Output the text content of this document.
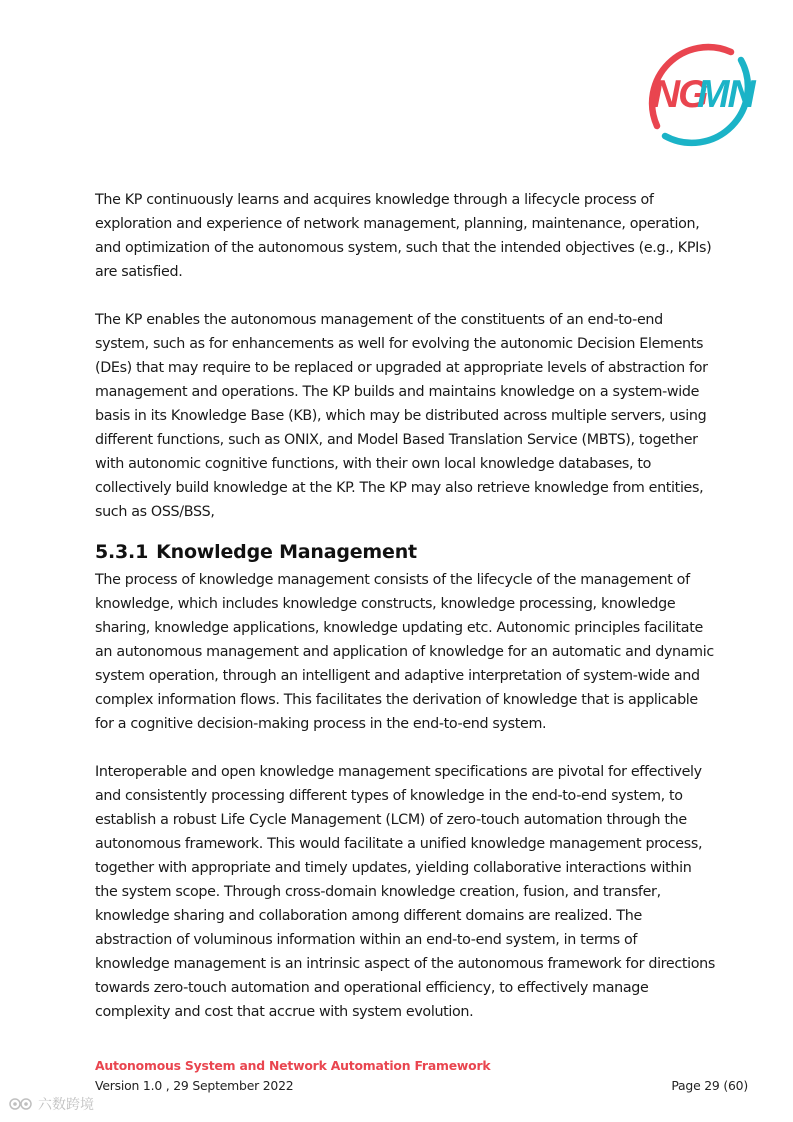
NG
MN

The KP continuously learns and acquires knowledge through a lifecycle process of exploration and experience of network management, planning, maintenance, operation, and optimization of the autonomous system, such that the intended objectives (e.g., KPIs) are satisfied.

The KP enables the autonomous management of the constituents of an end-to-end system, such as for enhancements as well for evolving the autonomic Decision Elements (DEs) that may require to be replaced or upgraded at appropriate levels of abstraction for management and operations. The KP builds and maintains knowledge on a system-wide basis in its Knowledge Base (KB), which may be distributed across multiple servers, using different functions, such as ONIX, and Model Based Translation Service (MBTS), together with autonomic cognitive functions, with their own local knowledge databases, to collectively build knowledge at the KP. The KP may also retrieve knowledge from entities, such as OSS/BSS,

5.3.1 Knowledge Management

The process of knowledge management consists of the lifecycle of the management of knowledge, which includes knowledge constructs, knowledge processing, knowledge sharing, knowledge applications, knowledge updating etc. Autonomic principles facilitate an autonomous management and application of knowledge for an automatic and dynamic system operation, through an intelligent and adaptive interpretation of system-wide and complex information flows. This facilitates the derivation of knowledge that is applicable for a cognitive decision-making process in the end-to-end system.

Interoperable and open knowledge management specifications are pivotal for effectively and consistently processing different types of knowledge in the end-to-end system, to establish a robust Life Cycle Management (LCM) of zero-touch automation through the autonomous framework. This would facilitate a unified knowledge management process, together with appropriate and timely updates, yielding collaborative interactions within the system scope. Through cross-domain knowledge creation, fusion, and transfer, knowledge sharing and collaboration among different domains are realized. The abstraction of voluminous information within an end-to-end system, in terms of knowledge management is an intrinsic aspect of the autonomous framework for directions towards zero-touch automation and operational efficiency, to effectively manage complexity and cost that accrue with system evolution.

Autonomous System and Network Automation Framework
Version 1.0 , 29 September 2022	Page 29 (60)
六数跨境
